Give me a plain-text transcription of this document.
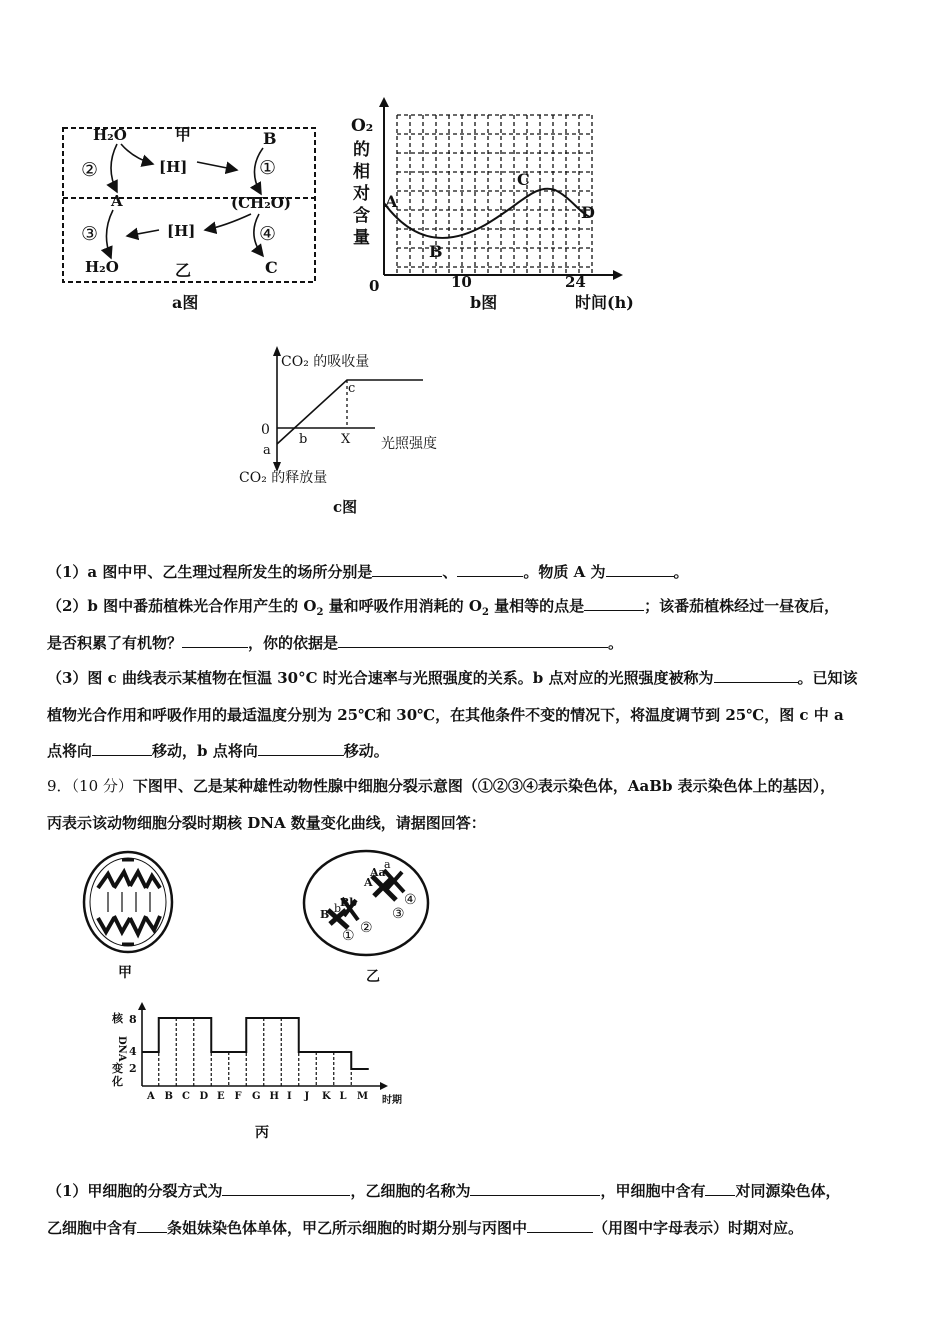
H₂O	甲	B
②	[H]	①
A	(CH₂O)
③	[H]	④
H₂O	乙	C
a图
O₂
的
相
对
含
量
A
B
C
D
0	10	24
b图	时间(h)
CO₂ 的吸收量
0
a
b
c
X 光照强度
CO₂ 的释放量
c图
（1）a 图中甲、乙生理过程所发生的场所分别是	、	。物质 A 为	。
（2）b 图中番茄植株光合作用产生的 $O_2$ 量和呼吸作用消耗的 $O_2$ 量相等的点是	；该番茄植株经过一昼夜后，
是否积累了有机物？	，你的依据是	。
（3）图 c 曲线表示某植物在恒温 30°C 时光合速率与光照强度的关系。b 点对应的光照强度被称为	。已知该
植物光合作用和呼吸作用的最适温度分别为 25℃和 30℃，在其他条件不变的情况下，将温度调节到 25℃，图 c 中 a
点将向	移动，b 点将向	移动。
9．（10 分）下图甲、乙是某种雄性动物性腺中细胞分裂示意图（①②③④表示染色体，AaBb 表示染色体上的基因），
丙表示该动物细胞分裂时期核 DNA 数量变化曲线，请据图回答：
甲
a
Aa
A
Bb
B b
① ②
③
④
乙
核
DNA
变
化
8
4
2
A B C D E F G H I J K L M 时期
丙
（1）甲细胞的分裂方式为	，乙细胞的名称为	，甲细胞中含有 对同源染色体，
乙细胞中含有 条姐妹染色体单体，甲乙所示细胞的时期分别与丙图中	（用图中字母表示）时期对应。
